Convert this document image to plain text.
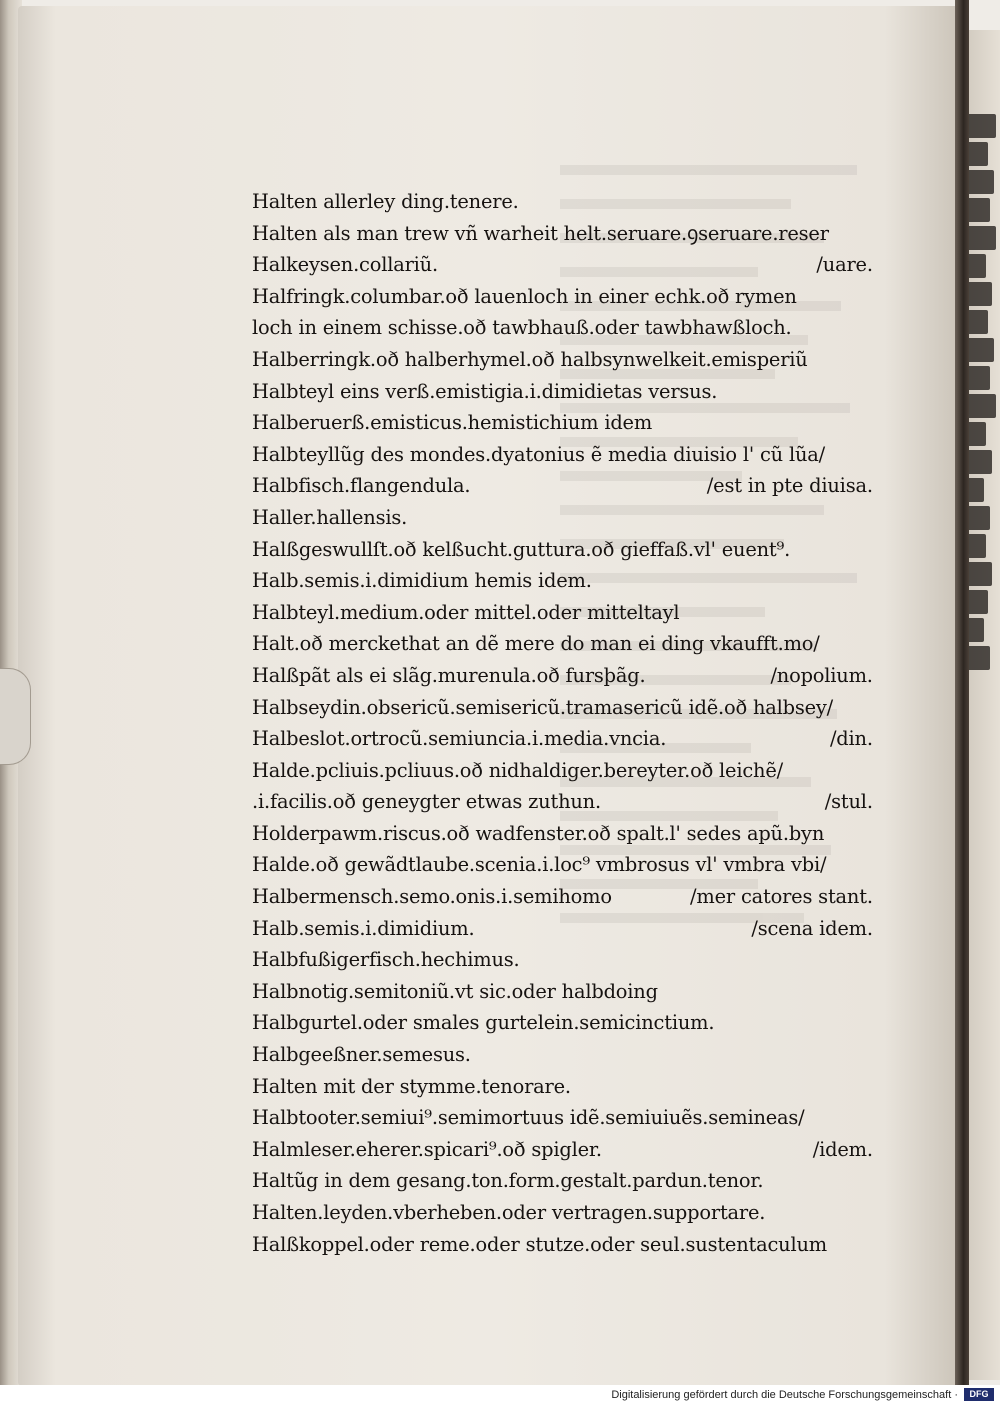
Halten allerley ding.tenere.
Halten als man trew vñ warheit helt.seruare.ꝯseruare.reser
Halkeysen.collariũ.	/uare.
Halfringk.columbar.oð lauenloch in einer echk.oð rymen
loch in einem schisse.oð tawbhauß.oder tawbhawßloch.
Halberringk.oð halberhymel.oð halbsynwelkeit.emisperiũ
Halbteyl eins verß.emistigia.i.dimidietas versus.
Halberuerß.emisticus.hemistichium idem
Halbteyllũg des mondes.dyatonius ẽ media diuisio l' cũ lũa/
Halbfisch.flangendula.	/est in pte diuisa.
Haller.hallensis.
Halßgeswullſt.oð kelßucht.guttura.oð gieffaß.vl' euent⁹.
Halb.semis.i.dimidium hemis idem.
Halbteyl.medium.oder mittel.oder mitteltayl
Halt.oð merckethat an dẽ mere do man ei ding vkaufft.mo/
Halßpãt als ei slãg.murenula.oð fursþãg.	/nopolium.
Halbseydin.obsericũ.semisericũ.tramasericũ idẽ.oð halbsey/
Halbeslot.ortrocũ.semiuncia.i.media.vncia.	/din.
Halde.pcliuis.pcliuus.oð nidhaldiger.bereyter.oð leichẽ/
.i.facilis.oð geneygter etwas zuthun.	/stul.
Holderpawm.riscus.oð wadfenster.oð spalt.l' sedes apũ.byn
Halde.oð gewãdtlaube.scenia.i.loc⁹ vmbrosus vl' vmbra vbi/
Halbermensch.semo.onis.i.semihomo	/mer catores stant.
Halb.semis.i.dimidium.	/scena idem.
Halbfußigerfisch.hechimus.
Halbnotig.semitoniũ.vt sic.oder halbdoing
Halbgurtel.oder smales gurtelein.semicinctium.
Halbgeeßner.semesus.
Halten mit der stymme.tenorare.
Halbtooter.semiui⁹.semimortuus idẽ.semiuiuẽs.semineas/
Halmleser.eherer.spicari⁹.oð spigler.	/idem.
Haltũg in dem gesang.ton.form.gestalt.pardun.tenor.
Halten.leyden.vberheben.oder vertragen.supportare.
Halßkoppel.oder reme.oder stutze.oder seul.sustentaculum
Digitalisierung gefördert durch die Deutsche Forschungsgemeinschaft ·	DFG
